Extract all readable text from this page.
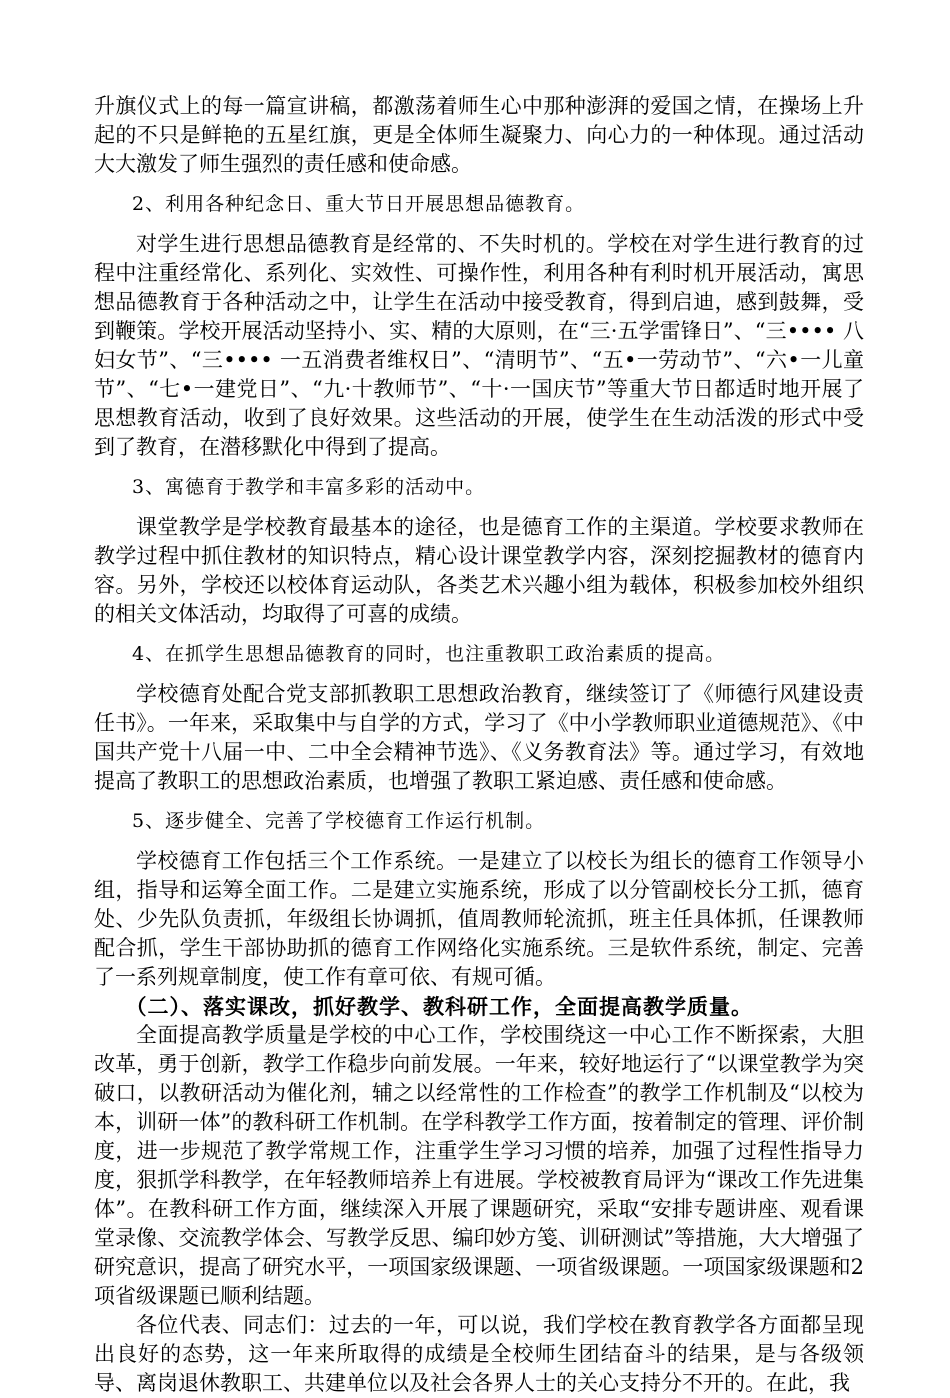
升旗仪式上的每一篇宣讲稿，都激荡着师生心中那种澎湃的爱国之情，在操场上升起的不只是鲜艳的五星红旗，更是全体师生凝聚力、向心力的一种体现。通过活动大大激发了师生强烈的责任感和使命感。

2、利用各种纪念日、重大节日开展思想品德教育。

对学生进行思想品德教育是经常的、不失时机的。学校在对学生进行教育的过程中注重经常化、系列化、实效性、可操作性，利用各种有利时机开展活动，寓思想品德教育于各种活动之中，让学生在活动中接受教育，得到启迪，感到鼓舞，受到鞭策。学校开展活动坚持小、实、精的大原则，在“三·五学雷锋日”、“三•••• 八妇女节”、“三•••• 一五消费者维权日”、“清明节”、“五•一劳动节”、“六•一儿童节”、“七•一建党日”、“九·十教师节”、“十·一国庆节”等重大节日都适时地开展了思想教育活动，收到了良好效果。这些活动的开展，使学生在生动活泼的形式中受到了教育，在潜移默化中得到了提高。

3、寓德育于教学和丰富多彩的活动中。

课堂教学是学校教育最基本的途径，也是德育工作的主渠道。学校要求教师在教学过程中抓住教材的知识特点，精心设计课堂教学内容，深刻挖掘教材的德育内容。另外，学校还以校体育运动队，各类艺术兴趣小组为载体，积极参加校外组织的相关文体活动，均取得了可喜的成绩。

4、在抓学生思想品德教育的同时，也注重教职工政治素质的提高。

学校德育处配合党支部抓教职工思想政治教育，继续签订了《师德行风建设责任书》。一年来，采取集中与自学的方式，学习了《中小学教师职业道德规范》、《中国共产党十八届一中、二中全会精神节选》、《义务教育法》等。通过学习，有效地提高了教职工的思想政治素质，也增强了教职工紧迫感、责任感和使命感。

5、逐步健全、完善了学校德育工作运行机制。

学校德育工作包括三个工作系统。一是建立了以校长为组长的德育工作领导小组，指导和运筹全面工作。二是建立实施系统，形成了以分管副校长分工抓，德育处、少先队负责抓，年级组长协调抓，值周教师轮流抓，班主任具体抓，任课教师配合抓，学生干部协助抓的德育工作网络化实施系统。三是软件系统，制定、完善了一系列规章制度，使工作有章可依、有规可循。

（二）、落实课改，抓好教学、教科研工作，全面提高教学质量。

全面提高教学质量是学校的中心工作，学校围绕这一中心工作不断探索，大胆改革，勇于创新，教学工作稳步向前发展。一年来，较好地运行了“以课堂教学为突破口，以教研活动为催化剂，辅之以经常性的工作检查”的教学工作机制及“以校为本，训研一体”的教科研工作机制。在学科教学工作方面，按着制定的管理、评价制度，进一步规范了教学常规工作，注重学生学习习惯的培养，加强了过程性指导力度，狠抓学科教学，在年轻教师培养上有进展。学校被教育局评为“课改工作先进集体”。在教科研工作方面，继续深入开展了课题研究，采取“安排专题讲座、观看课堂录像、交流教学体会、写教学反思、编印妙方笺、训研测试”等措施，大大增强了研究意识，提高了研究水平，一项国家级课题、一项省级课题。一项国家级课题和2项省级课题已顺利结题。

各位代表、同志们：过去的一年，可以说，我们学校在教育教学各方面都呈现出良好的态势，这一年来所取得的成绩是全校师生团结奋斗的结果，是与各级领导、离岗退休教职工、共建单位以及社会各界人士的关心支持分不开的。在此，我
